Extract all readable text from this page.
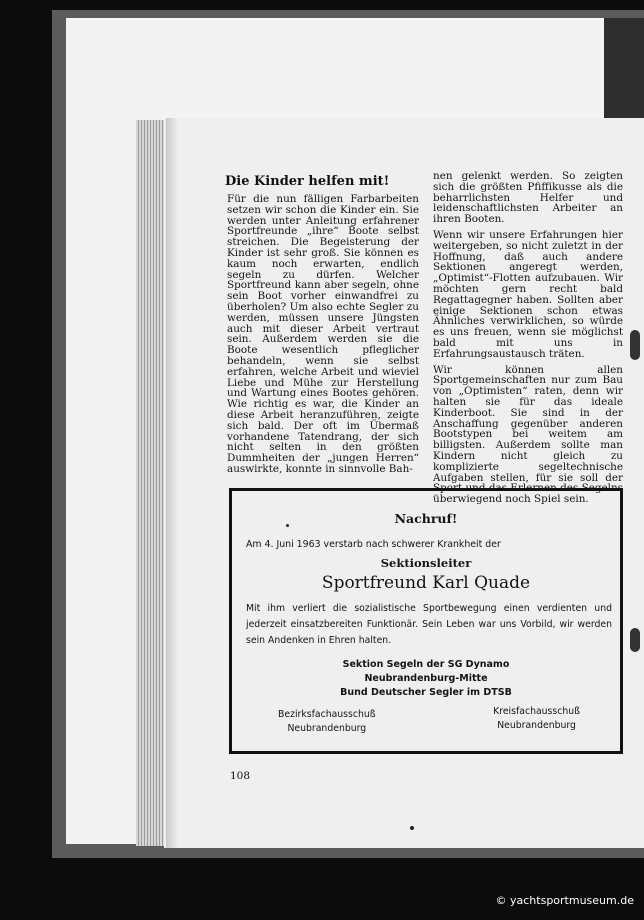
Die Kinder helfen mit!

Für die nun fälligen Farbarbeiten setzen wir schon die Kinder ein. Sie werden unter Anleitung erfahrener Sportfreunde „ihre“ Boote selbst streichen. Die Begeisterung der Kinder ist sehr groß. Sie können es kaum noch erwarten, endlich segeln zu dürfen. Welcher Sportfreund kann aber segeln, ohne sein Boot vorher einwandfrei zu überholen? Um also echte Segler zu werden, müssen unsere Jüngsten auch mit dieser Arbeit vertraut sein. Außerdem werden sie die Boote wesentlich pfleglicher behandeln, wenn sie selbst erfahren, welche Arbeit und wieviel Liebe und Mühe zur Herstellung und Wartung eines Bootes gehören. Wie richtig es war, die Kinder an diese Arbeit heranzuführen, zeigte sich bald. Der oft im Übermaß vorhandene Tatendrang, der sich nicht selten in den größten Dummheiten der „jungen Herren“ auswirkte, konnte in sinnvolle Bah-

nen gelenkt werden. So zeigten sich die größten Pfiffikusse als die beharrlichsten Helfer und leidenschaftlichsten Arbeiter an ihren Booten.

Wenn wir unsere Erfahrungen hier weitergeben, so nicht zuletzt in der Hoffnung, daß auch andere Sektionen angeregt werden, „Optimist“-Flotten aufzubauen. Wir möchten gern recht bald Regattagegner haben. Sollten aber einige Sektionen schon etwas Ähnliches verwirklichen, so würde es uns freuen, wenn sie möglichst bald mit uns in Erfahrungsaustausch träten.

Wir können allen Sportgemeinschaften nur zum Bau von „Optimisten“ raten, denn wir halten sie für das ideale Kinderboot. Sie sind in der Anschaffung gegenüber anderen Bootstypen bei weitem am billigsten. Außerdem sollte man Kindern nicht gleich zu komplizierte segeltechnische Aufgaben stellen, für sie soll der Sport und das Erlernen des Segelns überwiegend noch Spiel sein.

Nachruf!
Am 4. Juni 1963 verstarb nach schwerer Krankheit der
Sektionsleiter
Sportfreund Karl Quade
Mit ihm verliert die sozialistische Sportbewegung einen verdienten und jederzeit einsatzbereiten Funktionär. Sein Leben war uns Vorbild, wir werden sein Andenken in Ehren halten.
Sektion Segeln der SG Dynamo
Neubrandenburg-Mitte
Bund Deutscher Segler im DTSB
Bezirksfachausschuß
Neubrandenburg
Kreisfachausschuß
Neubrandenburg
108
© yachtsportmuseum.de
